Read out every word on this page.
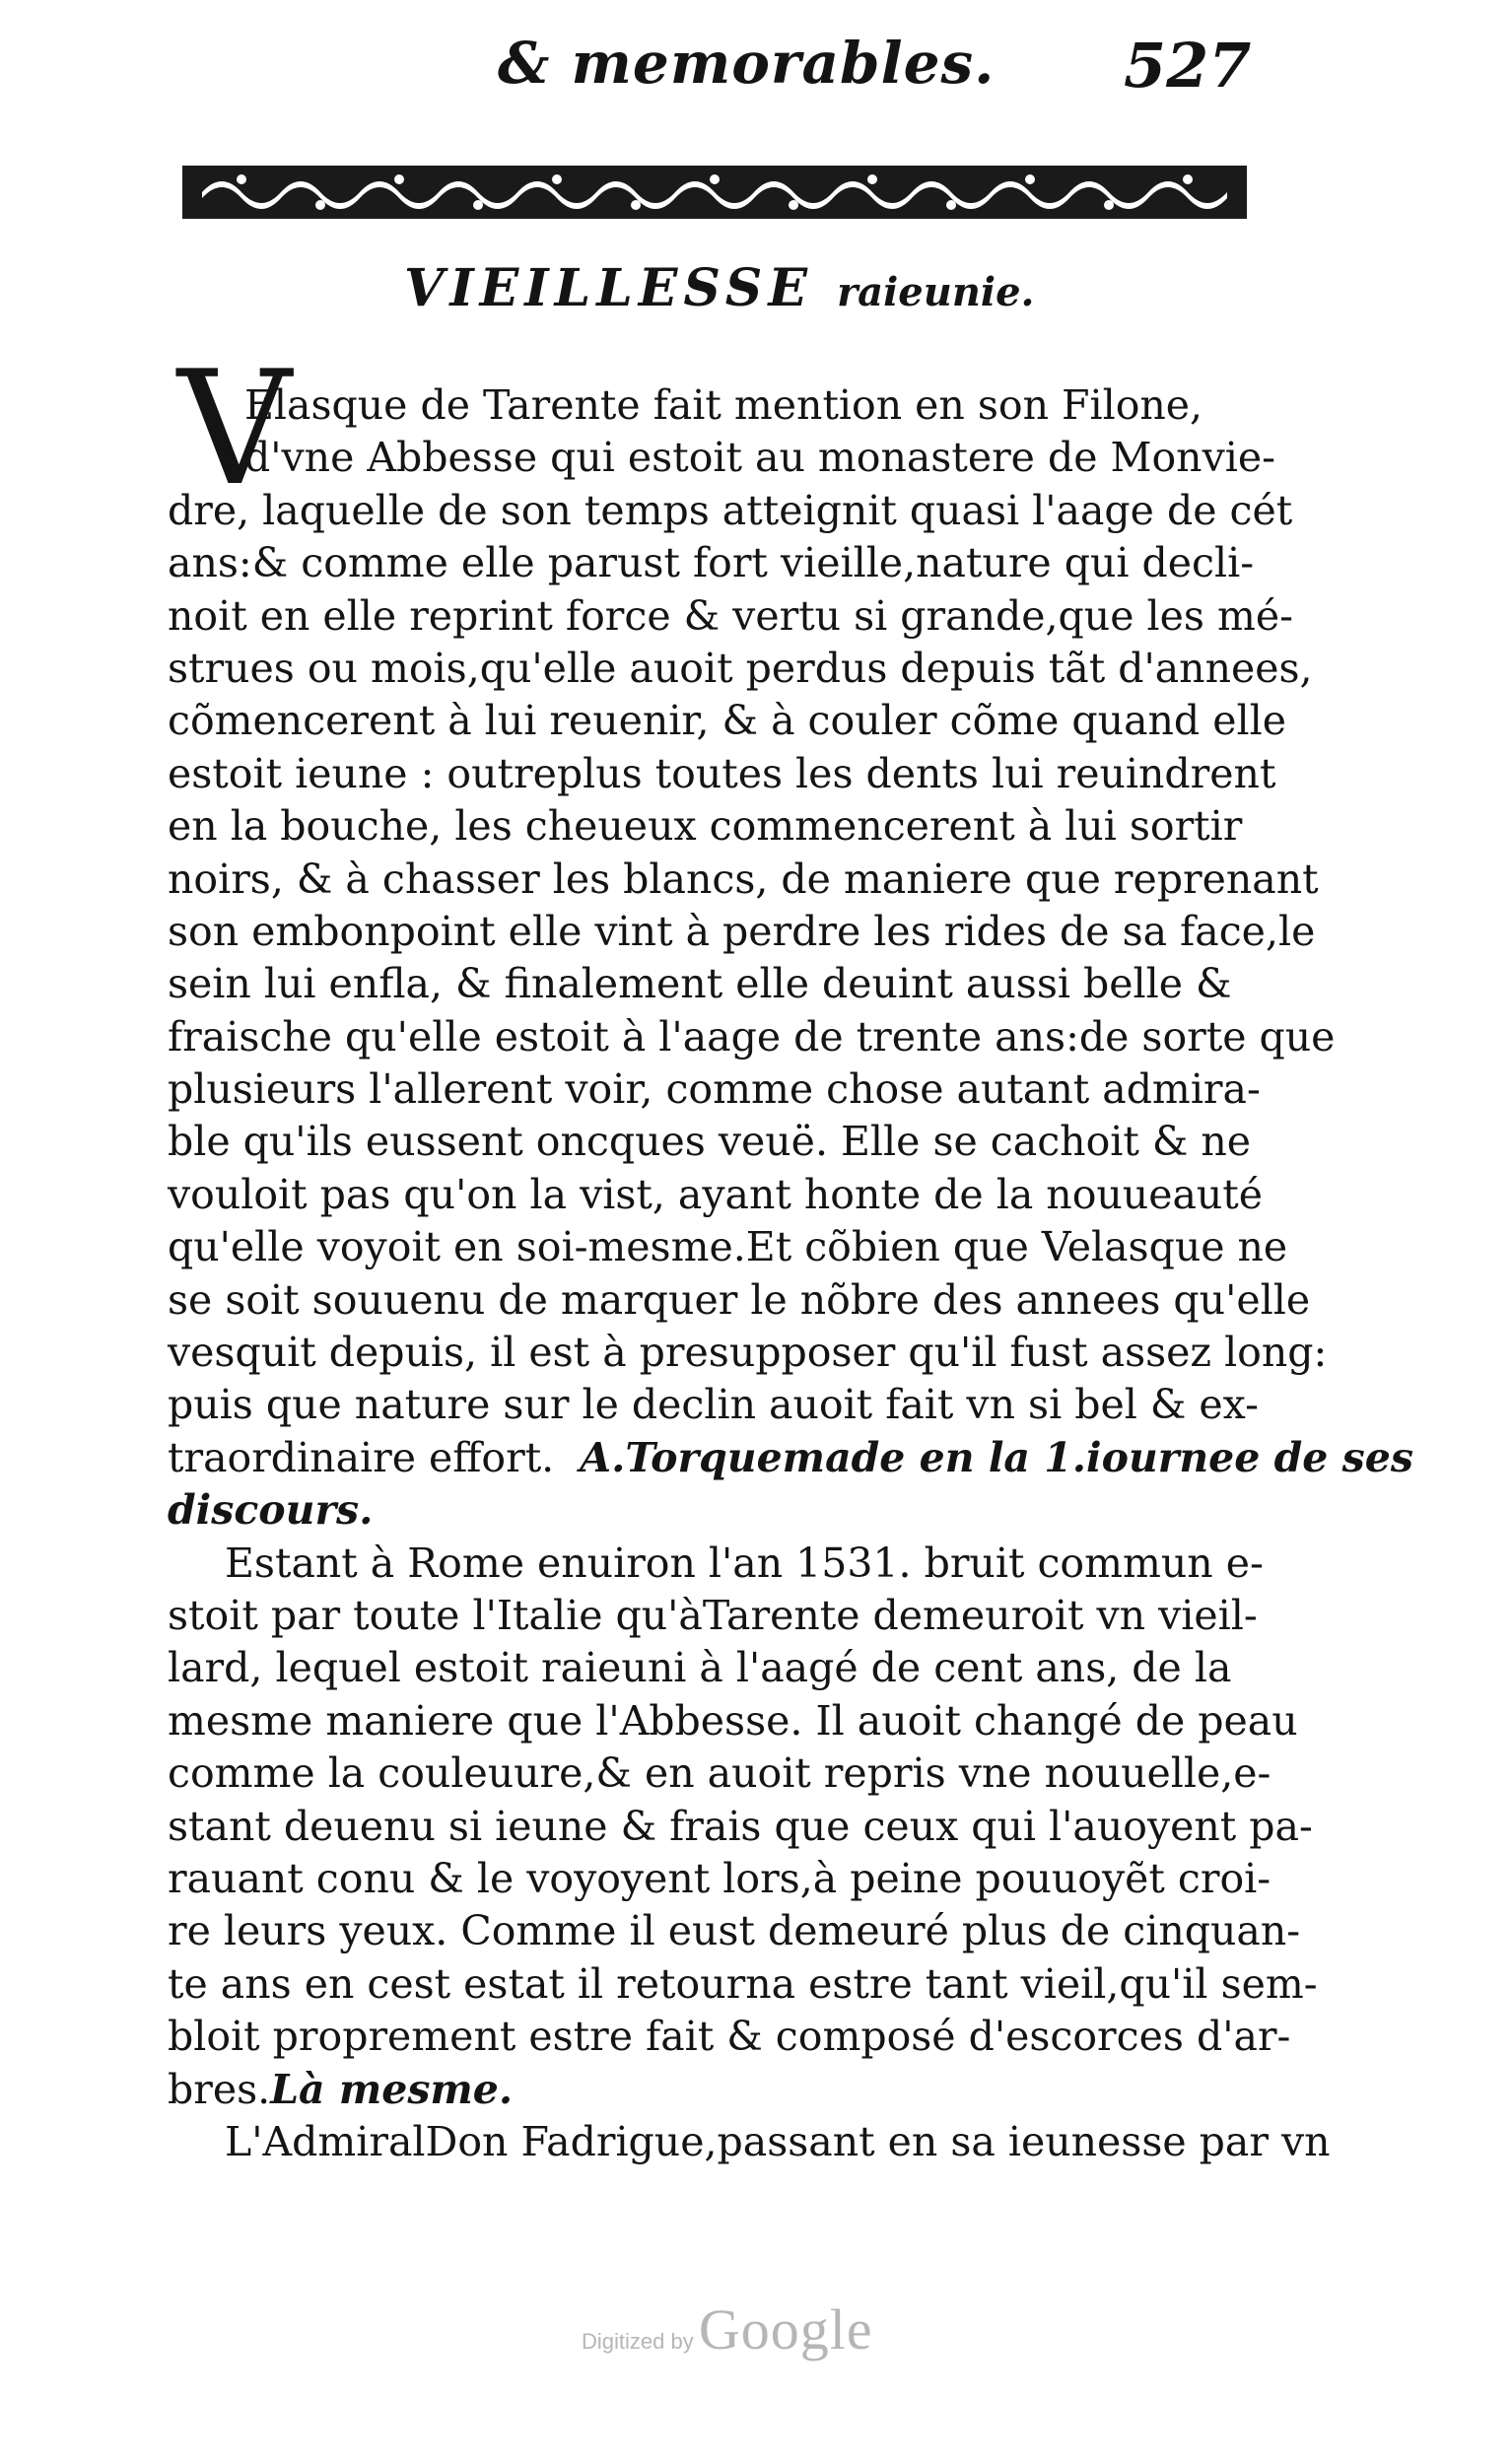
& memorables. 527
VIEILLESSE raieunie.
V
Elasque de Tarente fait mention en son Filone,
d'vne Abbesse qui estoit au monastere de Monvie-
dre, laquelle de son temps atteignit quasi l'aage de cét
ans:& comme elle parust fort vieille,nature qui decli-
noit en elle reprint force & vertu si grande,que les mé-
strues ou mois,qu'elle auoit perdus depuis tãt d'annees,
cõmencerent à lui reuenir, & à couler cõme quand elle
estoit ieune : outreplus toutes les dents lui reuindrent
en la bouche, les cheueux commencerent à lui sortir
noirs, & à chasser les blancs, de maniere que reprenant
son embonpoint elle vint à perdre les rides de sa face,le
sein lui enfla, & finalement elle deuint aussi belle &
fraische qu'elle estoit à l'aage de trente ans:de sorte que
plusieurs l'allerent voir, comme chose autant admira-
ble qu'ils eussent oncques veuë. Elle se cachoit & ne
vouloit pas qu'on la vist, ayant honte de la nouueauté
qu'elle voyoit en soi-mesme.Et cõbien que Velasque ne
se soit souuenu de marquer le nõbre des annees qu'elle
vesquit depuis, il est à presupposer qu'il fust assez long:
puis que nature sur le declin auoit fait vn si bel & ex-
traordinaire effort. A.Torquemade en la 1.iournee de ses
discours.
Estant à Rome enuiron l'an 1531. bruit commun e-
stoit par toute l'Italie qu'àTarente demeuroit vn vieil-
lard, lequel estoit raieuni à l'aagé de cent ans, de la
mesme maniere que l'Abbesse. Il auoit changé de peau
comme la couleuure,& en auoit repris vne nouuelle,e-
stant deuenu si ieune & frais que ceux qui l'auoyent pa-
rauant conu & le voyoyent lors,à peine pouuoyẽt croi-
re leurs yeux. Comme il eust demeuré plus de cinquan-
te ans en cest estat il retourna estre tant vieil,qu'il sem-
bloit proprement estre fait & composé d'escorces d'ar-
bres.Là mesme.
L'AdmiralDon Fadrigue,passant en sa ieunesse par vn
Digitized by Google
